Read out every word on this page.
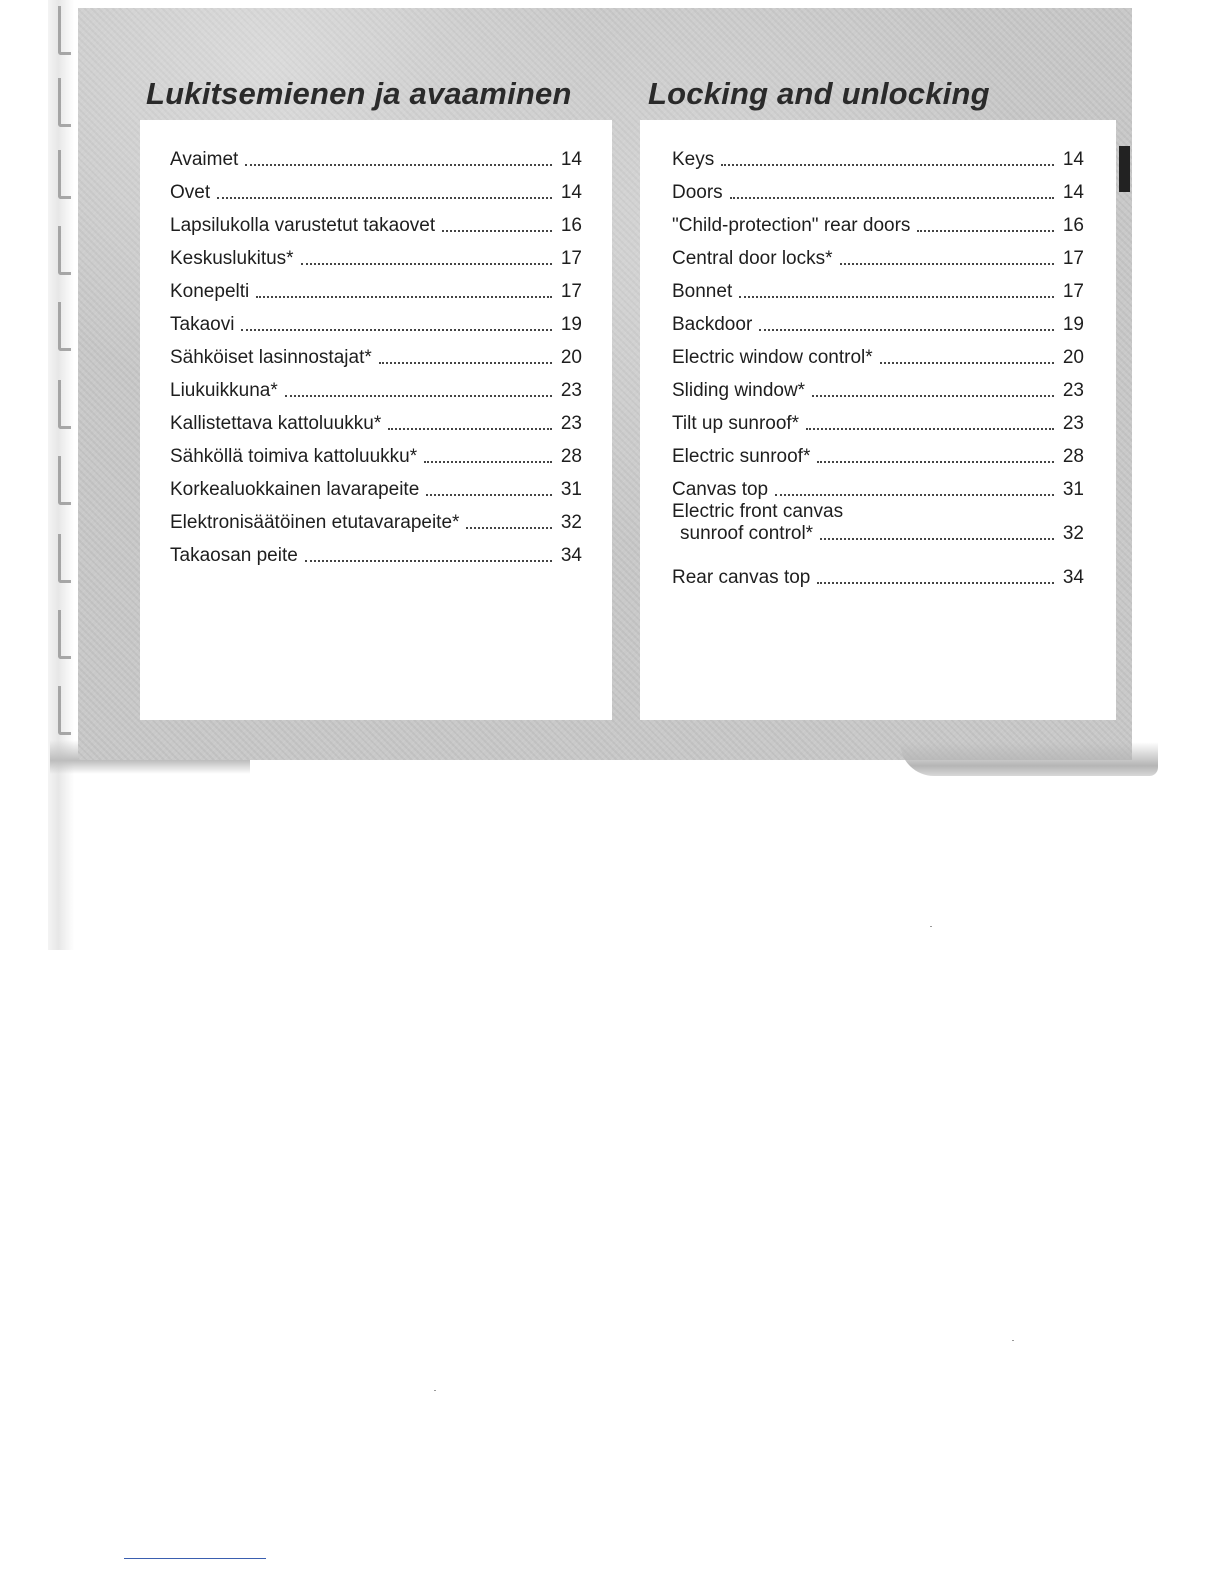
Lukitsemienen ja avaaminen Locking and unlocking
Avaimet	14
Ovet	14
Lapsilukolla varustetut takaovet	16
Keskuslukitus*	17
Konepelti	17
Takaovi	19
Sähköiset lasinnostajat*	20
Liukuikkuna*	23
Kallistettava kattoluukku*	23
Sähköllä toimiva kattoluukku*	28
Korkealuokkainen lavarapeite	31
Elektronisäätöinen etutavarapeite*	32
Takaosan peite	34
Keys	14
Doors	14
"Child-protection" rear doors	16
Central door locks*	17
Bonnet	17
Backdoor	19
Electric window control*	20
Sliding window*	23
Tilt up sunroof*	23
Electric sunroof*	28
Canvas top	31
Electric front canvas
sunroof control*	32
Rear canvas top	34
